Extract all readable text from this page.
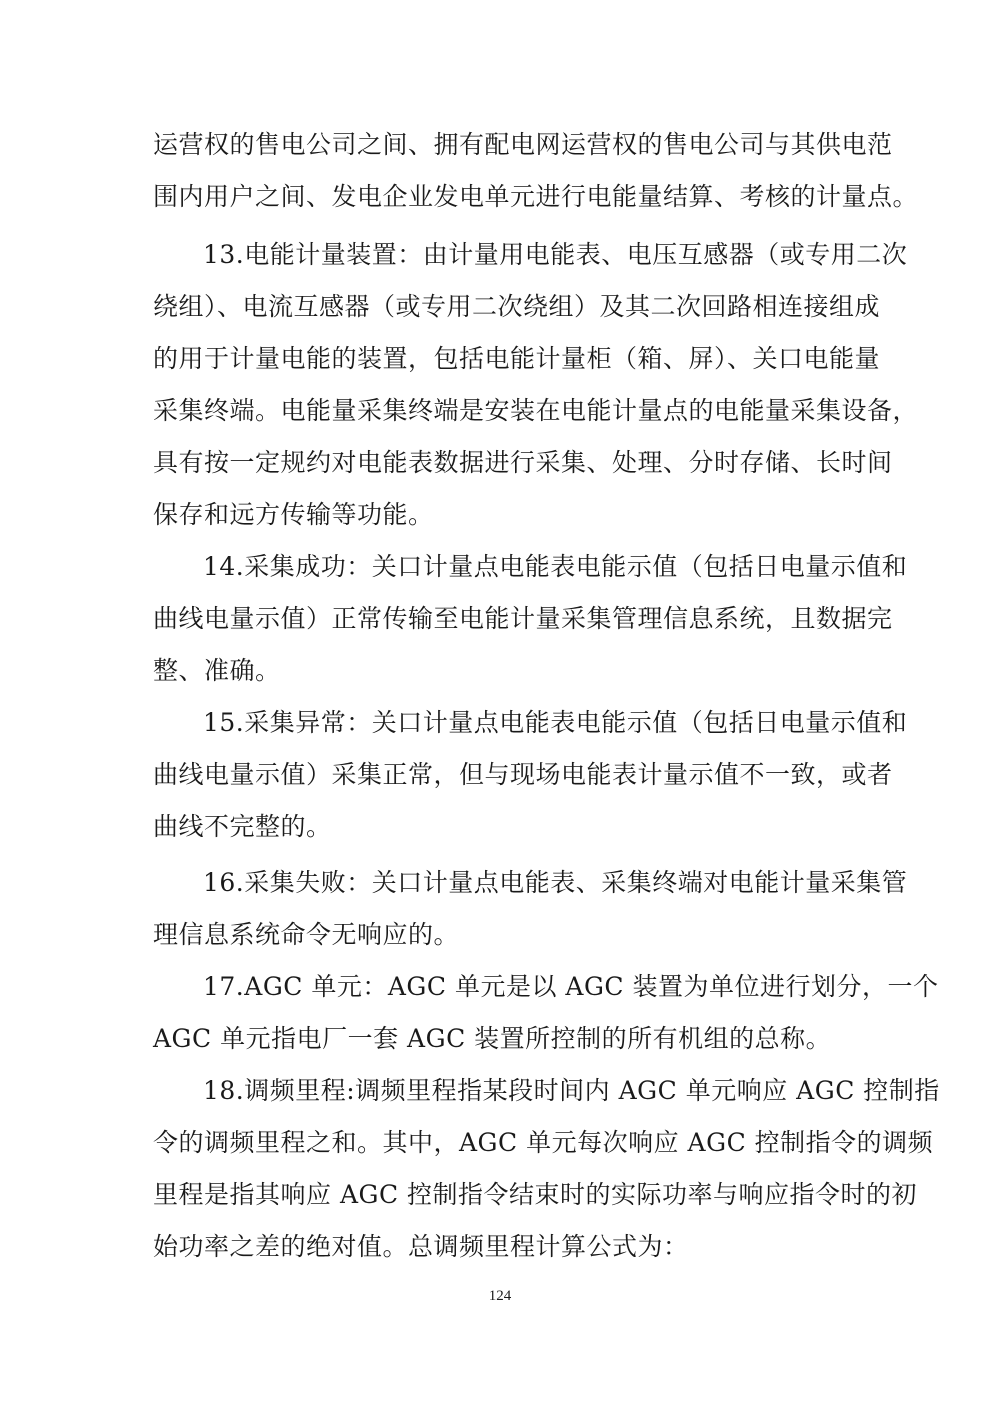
运营权的售电公司之间、拥有配电网运营权的售电公司与其供电范
围内用户之间、发电企业发电单元进行电能量结算、考核的计量点。
13.电能计量装置：由计量用电能表、电压互感器（或专用二次
绕组）、电流互感器（或专用二次绕组）及其二次回路相连接组成
的用于计量电能的装置，包括电能计量柜（箱、屏）、关口电能量
采集终端。电能量采集终端是安装在电能计量点的电能量采集设备，
具有按一定规约对电能表数据进行采集、处理、分时存储、长时间
保存和远方传输等功能。
14.采集成功：关口计量点电能表电能示值（包括日电量示值和
曲线电量示值）正常传输至电能计量采集管理信息系统，且数据完
整、准确。
15.采集异常：关口计量点电能表电能示值（包括日电量示值和
曲线电量示值）采集正常，但与现场电能表计量示值不一致，或者
曲线不完整的。
16.采集失败：关口计量点电能表、采集终端对电能计量采集管
理信息系统命令无响应的。
17.AGC 单元：AGC 单元是以 AGC 装置为单位进行划分，一个
AGC 单元指电厂一套 AGC 装置所控制的所有机组的总称。
18.调频里程:调频里程指某段时间内 AGC 单元响应 AGC 控制指
令的调频里程之和。其中，AGC 单元每次响应 AGC 控制指令的调频
里程是指其响应 AGC 控制指令结束时的实际功率与响应指令时的初
始功率之差的绝对值。总调频里程计算公式为：
124
